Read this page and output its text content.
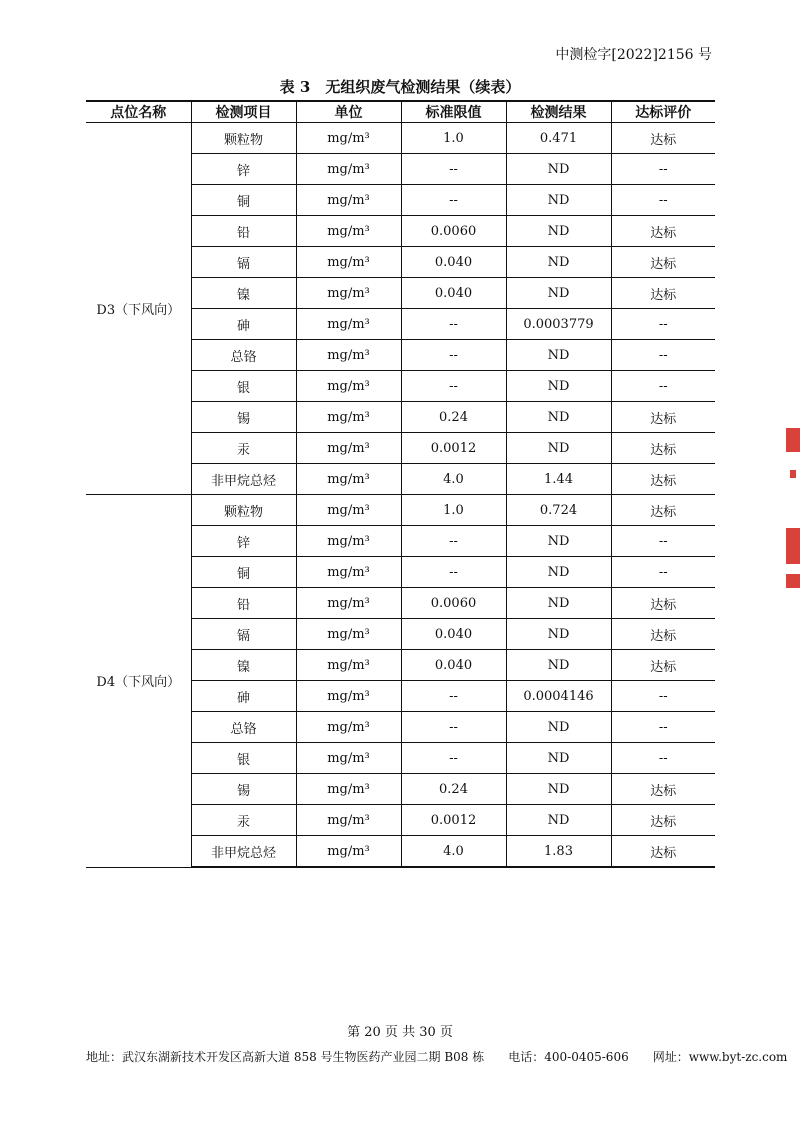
中测检字[2022]2156 号
表 3　无组织废气检测结果（续表）
点位名称	检测项目	单位	标准限值	检测结果	达标评价
D3（下风向）	颗粒物	mg/m³	1.0	0.471	达标
	锌	mg/m³	--	ND	--
	铜	mg/m³	--	ND	--
	铅	mg/m³	0.0060	ND	达标
	镉	mg/m³	0.040	ND	达标
	镍	mg/m³	0.040	ND	达标
	砷	mg/m³	--	0.0003779	--
	总铬	mg/m³	--	ND	--
	银	mg/m³	--	ND	--
	锡	mg/m³	0.24	ND	达标
	汞	mg/m³	0.0012	ND	达标
	非甲烷总烃	mg/m³	4.0	1.44	达标
D4（下风向）	颗粒物	mg/m³	1.0	0.724	达标
	锌	mg/m³	--	ND	--
	铜	mg/m³	--	ND	--
	铅	mg/m³	0.0060	ND	达标
	镉	mg/m³	0.040	ND	达标
	镍	mg/m³	0.040	ND	达标
	砷	mg/m³	--	0.0004146	--
	总铬	mg/m³	--	ND	--
	银	mg/m³	--	ND	--
	锡	mg/m³	0.24	ND	达标
	汞	mg/m³	0.0012	ND	达标
	非甲烷总烃	mg/m³	4.0	1.83	达标
第 20 页 共 30 页
地址：武汉东湖新技术开发区高新大道 858 号生物医药产业园二期 B08 栋　　电话：400-0405-606　　网址：www.byt-zc.com
